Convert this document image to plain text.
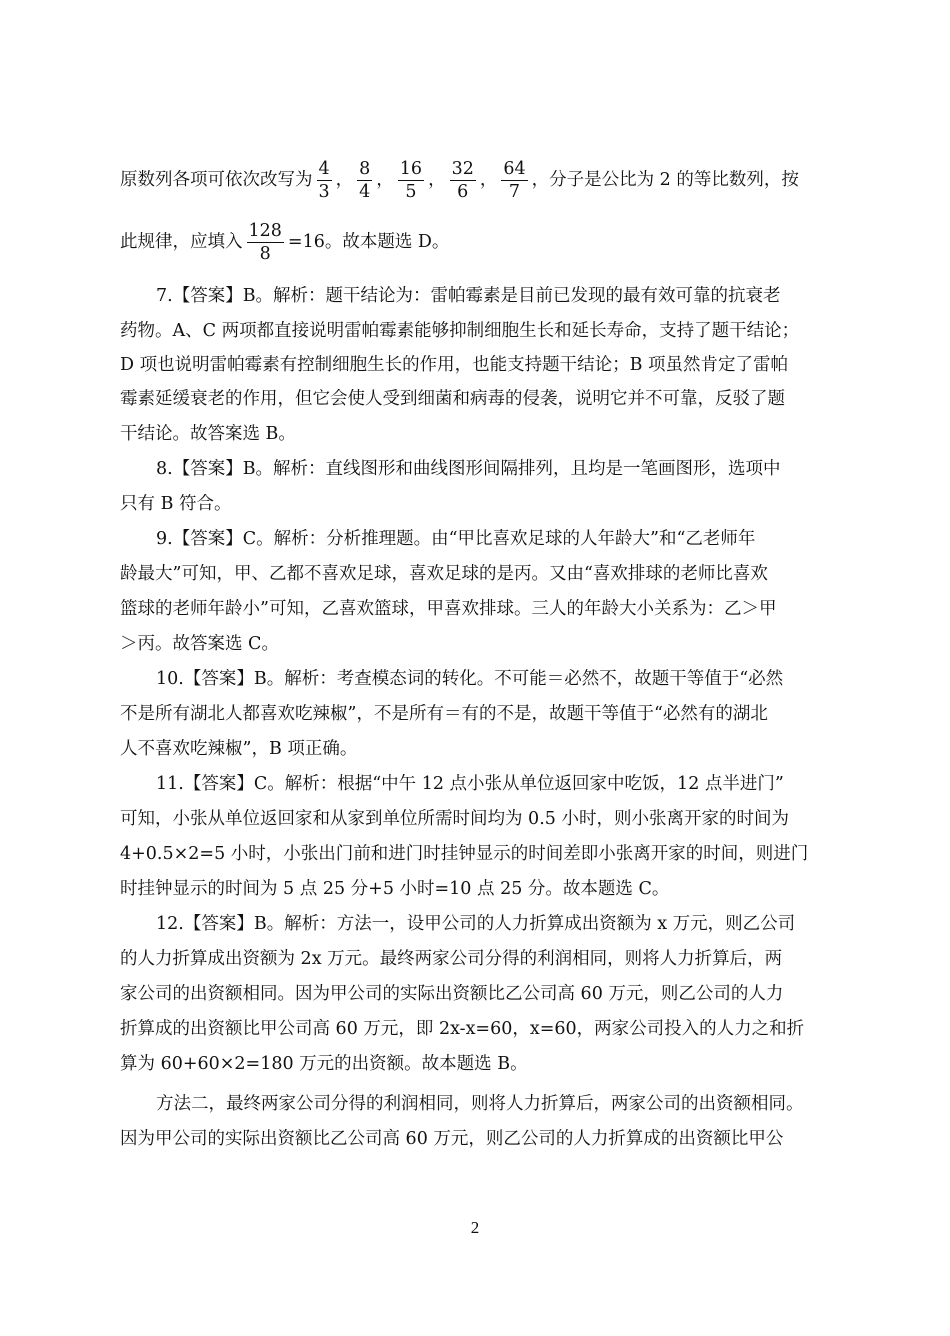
原数列各项可依次改写为 $\frac{4}{3}$ ， $\frac{8}{4}$ ， $\frac{16}{5}$ ， $\frac{32}{6}$ ， $\frac{64}{7}$ ，分子是公比为 2 的等比数列，按
此规律，应填入 $\frac{128}{8} =16$。故本题选 D。
7.【答案】B。解析：题干结论为：雷帕霉素是目前已发现的最有效可靠的抗衰老
药物。A、C 两项都直接说明雷帕霉素能够抑制细胞生长和延长寿命，支持了题干结论；
D 项也说明雷帕霉素有控制细胞生长的作用，也能支持题干结论；B 项虽然肯定了雷帕
霉素延缓衰老的作用，但它会使人受到细菌和病毒的侵袭，说明它并不可靠，反驳了题
干结论。故答案选 B。
8.【答案】B。解析：直线图形和曲线图形间隔排列，且均是一笔画图形，选项中
只有 B 符合。
9.【答案】C。解析：分析推理题。由“甲比喜欢足球的人年龄大”和“乙老师年
龄最大”可知，甲、乙都不喜欢足球，喜欢足球的是丙。又由“喜欢排球的老师比喜欢
篮球的老师年龄小”可知，乙喜欢篮球，甲喜欢排球。三人的年龄大小关系为：乙＞甲
＞丙。故答案选 C。
10.【答案】B。解析：考查模态词的转化。不可能＝必然不，故题干等值于“必然
不是所有湖北人都喜欢吃辣椒”，不是所有＝有的不是，故题干等值于“必然有的湖北
人不喜欢吃辣椒”，B 项正确。
11.【答案】C。解析：根据“中午 12 点小张从单位返回家中吃饭，12 点半进门”
可知，小张从单位返回家和从家到单位所需时间均为 0.5 小时，则小张离开家的时间为
4+0.5×2=5 小时，小张出门前和进门时挂钟显示的时间差即小张离开家的时间，则进门
时挂钟显示的时间为 5 点 25 分+5 小时=10 点 25 分。故本题选 C。
12.【答案】B。解析：方法一，设甲公司的人力折算成出资额为 x 万元，则乙公司
的人力折算成出资额为 2x 万元。最终两家公司分得的利润相同，则将人力折算后，两
家公司的出资额相同。因为甲公司的实际出资额比乙公司高 60 万元，则乙公司的人力
折算成的出资额比甲公司高 60 万元，即 2x-x=60，x=60，两家公司投入的人力之和折
算为 60+60×2=180 万元的出资额。故本题选 B。
方法二，最终两家公司分得的利润相同，则将人力折算后，两家公司的出资额相同。
因为甲公司的实际出资额比乙公司高 60 万元，则乙公司的人力折算成的出资额比甲公
2
